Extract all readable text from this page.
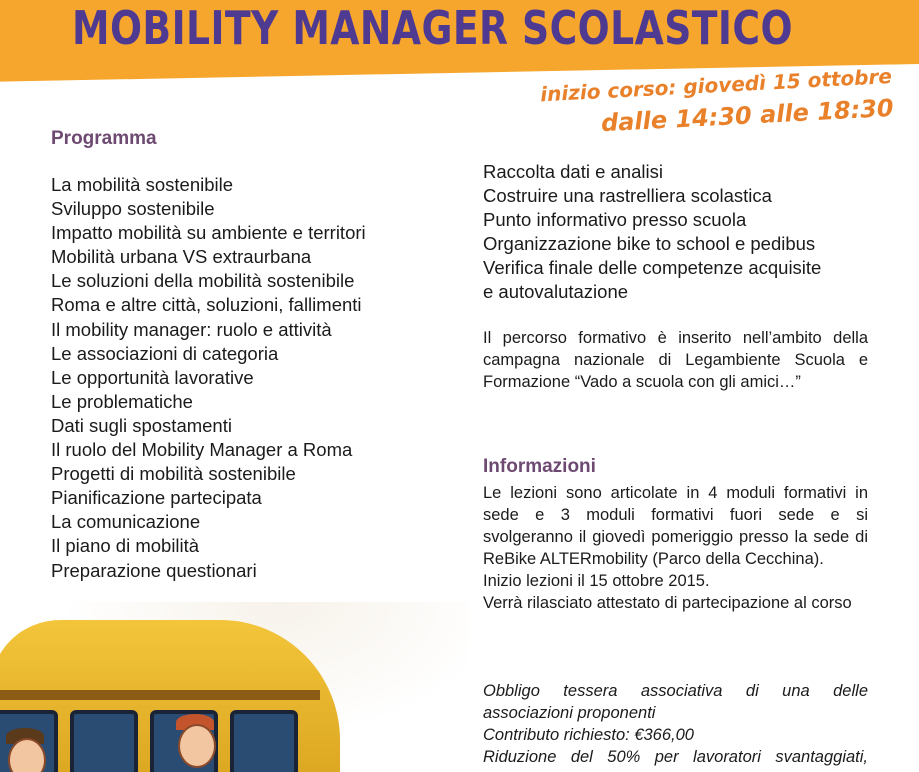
MOBILITY MANAGER SCOLASTICO
inizio corso: giovedì 15 ottobre
dalle 14:30 alle 18:30
Programma
La mobilità sostenibile
Sviluppo sostenibile
Impatto mobilità su ambiente e territori
Mobilità urbana VS extraurbana
Le soluzioni della mobilità sostenibile
Roma e altre città, soluzioni, fallimenti
Il mobility manager: ruolo e attività
Le associazioni di categoria
Le opportunità lavorative
Le problematiche
Dati sugli spostamenti
Il ruolo del Mobility Manager a Roma
Progetti di mobilità sostenibile
Pianificazione partecipata
La comunicazione
Il piano di mobilità
Preparazione questionari
Raccolta dati e analisi
Costruire una rastrelliera scolastica
Punto informativo presso scuola
Organizzazione bike to school e pedibus
Verifica finale delle competenze acquisite
e autovalutazione

Il percorso formativo è inserito nell’ambito della campagna nazionale di Legambiente Scuola e Formazione “Vado a scuola con gli amici…”

Informazioni
Le lezioni sono articolate in 4 moduli formativi in sede e 3 moduli formativi fuori sede e si svolgeranno il giovedì pomeriggio presso la sede di ReBike ALTERmobility (Parco della Cecchina).
Inizio lezioni il 15 ottobre 2015.
Verrà rilasciato attestato di partecipazione al corso
Obbligo tessera associativa di una delle associazioni proponenti
Contributo richiesto: €366,00
Riduzione del 50% per lavoratori svantaggiati,
